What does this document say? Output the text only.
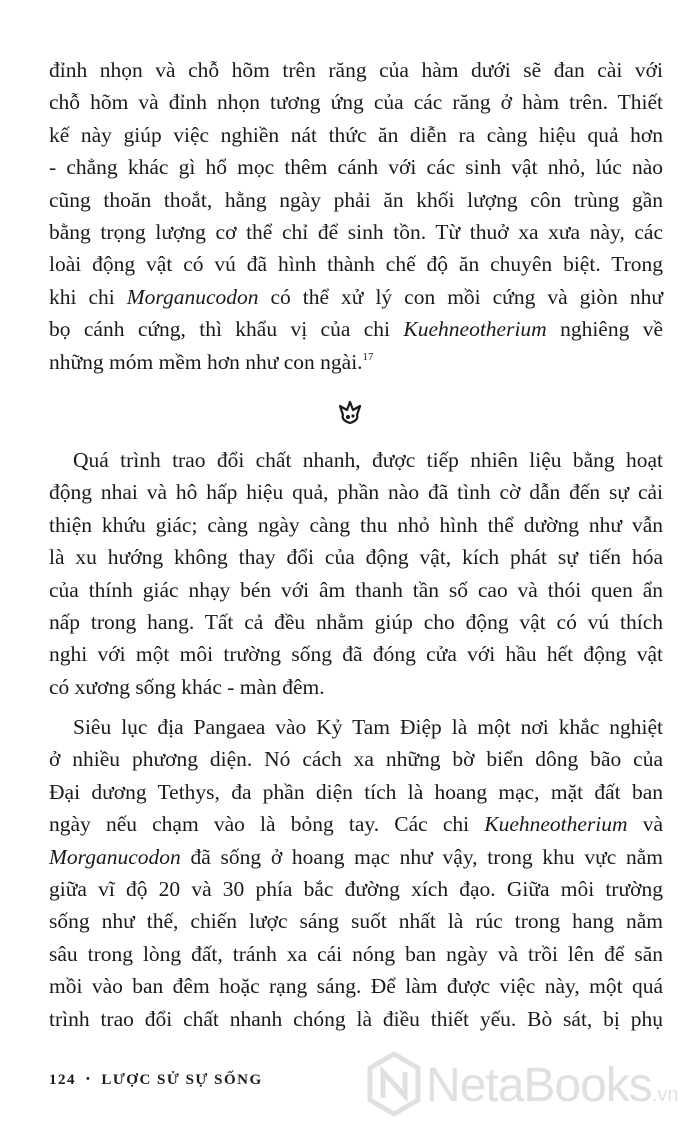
đỉnh nhọn và chỗ hõm trên răng của hàm dưới sẽ đan cài với
chỗ hõm và đỉnh nhọn tương ứng của các răng ở hàm trên. Thiết
kế này giúp việc nghiền nát thức ăn diễn ra càng hiệu quả hơn
- chẳng khác gì hổ mọc thêm cánh với các sinh vật nhỏ, lúc nào
cũng thoăn thoắt, hằng ngày phải ăn khối lượng côn trùng gần
bằng trọng lượng cơ thể chỉ để sinh tồn. Từ thuở xa xưa này, các
loài động vật có vú đã hình thành chế độ ăn chuyên biệt. Trong
khi chi Morganucodon có thể xử lý con mồi cứng và giòn như
bọ cánh cứng, thì khẩu vị của chi Kuehneotherium nghiêng về
những móm mềm hơn như con ngài.$^{17}$
Quá trình trao đổi chất nhanh, được tiếp nhiên liệu bằng hoạt
động nhai và hô hấp hiệu quả, phần nào đã tình cờ dẫn đến sự cải
thiện khứu giác; càng ngày càng thu nhỏ hình thể dường như vẫn
là xu hướng không thay đổi của động vật, kích phát sự tiến hóa
của thính giác nhạy bén với âm thanh tần số cao và thói quen ẩn
nấp trong hang. Tất cả đều nhằm giúp cho động vật có vú thích
nghi với một môi trường sống đã đóng cửa với hầu hết động vật
có xương sống khác - màn đêm.
Siêu lục địa Pangaea vào Kỷ Tam Điệp là một nơi khắc nghiệt
ở nhiều phương diện. Nó cách xa những bờ biển dông bão của
Đại dương Tethys, đa phần diện tích là hoang mạc, mặt đất ban
ngày nếu chạm vào là bỏng tay. Các chi Kuehneotherium và
Morganucodon đã sống ở hoang mạc như vậy, trong khu vực nằm
giữa vĩ độ 20 và 30 phía bắc đường xích đạo. Giữa môi trường
sống như thế, chiến lược sáng suốt nhất là rúc trong hang nằm
sâu trong lòng đất, tránh xa cái nóng ban ngày và trồi lên để săn
mồi vào ban đêm hoặc rạng sáng. Để làm được việc này, một quá
trình trao đổi chất nhanh chóng là điều thiết yếu. Bò sát, bị phụ
124 • LƯỢC SỬ SỰ SỐNG	NetaBooks.vn
